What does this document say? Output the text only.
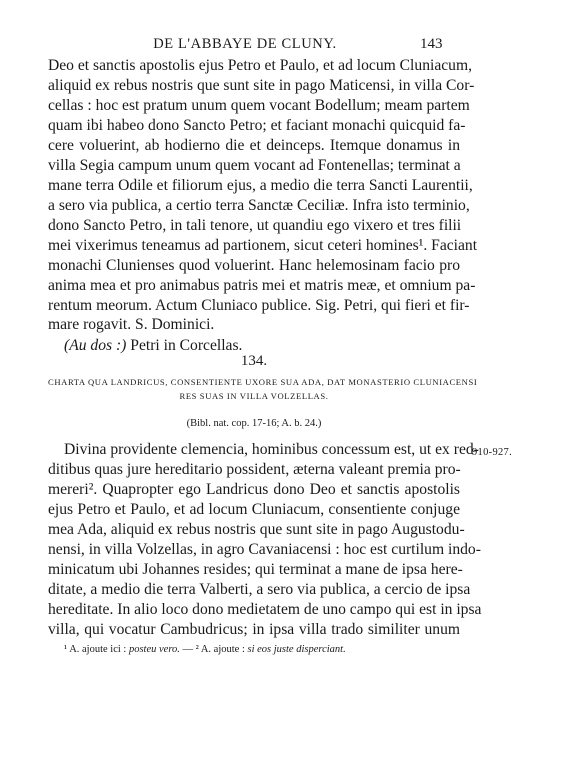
DE L'ABBAYE DE CLUNY.	143
Deo et sanctis apostolis ejus Petro et Paulo, et ad locum Cluniacum,
aliquid ex rebus nostris que sunt site in pago Maticensi, in villa Cor-
cellas : hoc est pratum unum quem vocant Bodellum; meam partem
quam ibi habeo dono Sancto Petro; et faciant monachi quicquid fa-
cere voluerint, ab hodierno die et deinceps. Itemque donamus in
villa Segia campum unum quem vocant ad Fontenellas; terminat a
mane terra Odile et filiorum ejus, a medio die terra Sancti Laurentii,
a sero via publica, a certio terra Sanctæ Ceciliæ. Infra isto terminio,
dono Sancto Petro, in tali tenore, ut quandiu ego vixero et tres filii
mei vixerimus teneamus ad partionem, sicut ceteri homines¹. Faciant
monachi Clunienses quod voluerint. Hanc helemosinam facio pro
anima mea et pro animabus patris mei et matris meæ, et omnium pa-
rentum meorum. Actum Cluniaco publice. Sig. Petri, qui fieri et fir-
mare rogavit. S. Dominici.
(Au dos :) Petri in Corcellas.
134.
CHARTA QUA LANDRICUS, CONSENTIENTE UXORE SUA ADA, DAT MONASTERIO CLUNIACENSI
RES SUAS IN VILLA VOLZELLAS.
(Bibl. nat. cop. 17-16; A. b. 24.)
910-927.
Divina providente clemencia, hominibus concessum est, ut ex red-
ditibus quas jure hereditario possident, æterna valeant premia pro-
mereri². Quapropter ego Landricus dono Deo et sanctis apostolis
ejus Petro et Paulo, et ad locum Cluniacum, consentiente conjuge
mea Ada, aliquid ex rebus nostris que sunt site in pago Augustodu-
nensi, in villa Volzellas, in agro Cavaniacensi : hoc est curtilum indo-
minicatum ubi Johannes resides; qui terminat a mane de ipsa here-
ditate, a medio die terra Valberti, a sero via publica, a cercio de ipsa
hereditate. In alio loco dono medietatem de uno campo qui est in ipsa
villa, qui vocatur Cambudricus; in ipsa villa trado similiter unum
¹ A. ajoute ici : posteu vero. — ² A. ajoute : si eos juste disperciant.
